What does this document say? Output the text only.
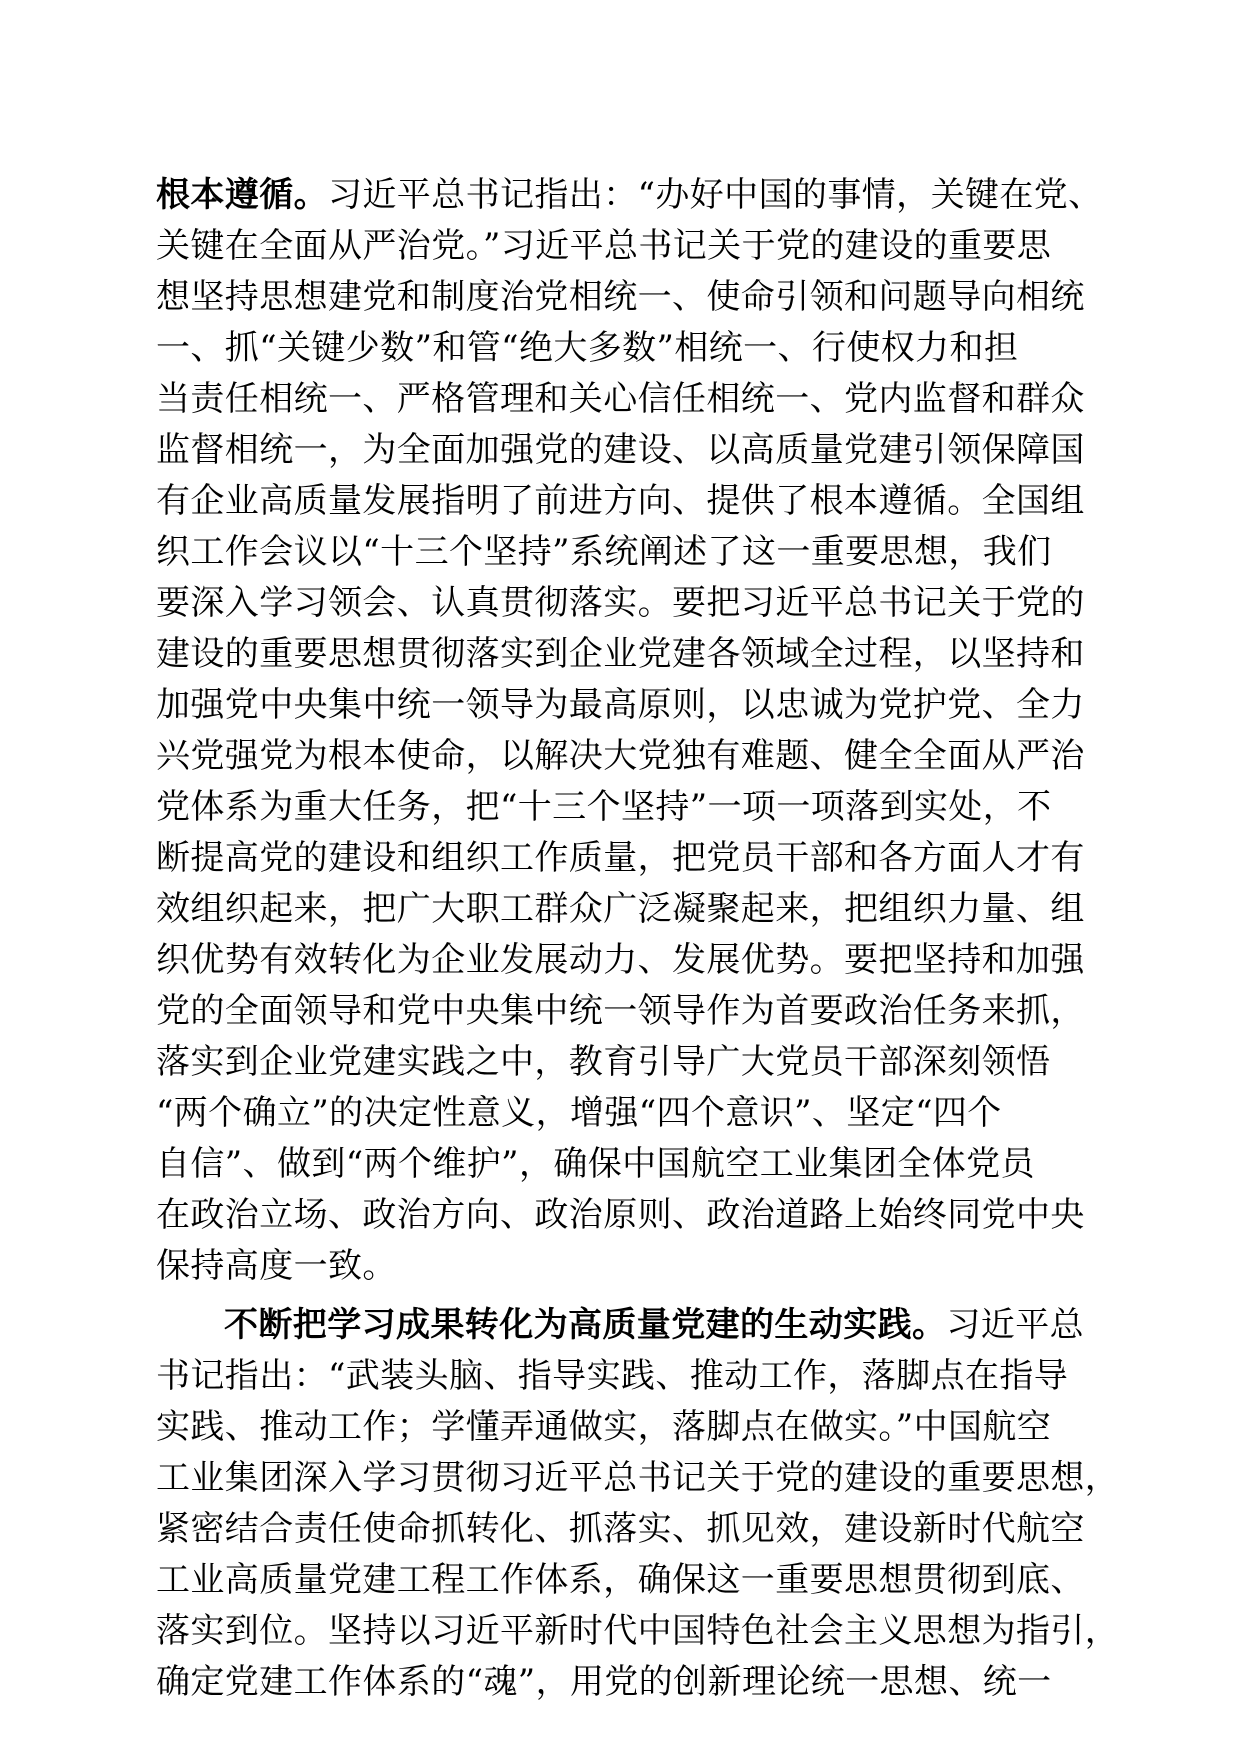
根本遵循。习近平总书记指出：“办好中国的事情，关键在党、
关键在全面从严治党。”习近平总书记关于党的建设的重要思
想坚持思想建党和制度治党相统一、使命引领和问题导向相统
一、抓“关键少数”和管“绝大多数”相统一、行使权力和担
当责任相统一、严格管理和关心信任相统一、党内监督和群众
监督相统一，为全面加强党的建设、以高质量党建引领保障国
有企业高质量发展指明了前进方向、提供了根本遵循。全国组
织工作会议以“十三个坚持”系统阐述了这一重要思想，我们
要深入学习领会、认真贯彻落实。要把习近平总书记关于党的
建设的重要思想贯彻落实到企业党建各领域全过程，以坚持和
加强党中央集中统一领导为最高原则，以忠诚为党护党、全力
兴党强党为根本使命，以解决大党独有难题、健全全面从严治
党体系为重大任务，把“十三个坚持”一项一项落到实处，不
断提高党的建设和组织工作质量，把党员干部和各方面人才有
效组织起来，把广大职工群众广泛凝聚起来，把组织力量、组
织优势有效转化为企业发展动力、发展优势。要把坚持和加强
党的全面领导和党中央集中统一领导作为首要政治任务来抓，
落实到企业党建实践之中，教育引导广大党员干部深刻领悟
“两个确立”的决定性意义，增强“四个意识”、坚定“四个
自信”、做到“两个维护”，确保中国航空工业集团全体党员
在政治立场、政治方向、政治原则、政治道路上始终同党中央
保持高度一致。
不断把学习成果转化为高质量党建的生动实践。习近平总
书记指出：“武装头脑、指导实践、推动工作，落脚点在指导
实践、推动工作；学懂弄通做实，落脚点在做实。”中国航空
工业集团深入学习贯彻习近平总书记关于党的建设的重要思想，
紧密结合责任使命抓转化、抓落实、抓见效，建设新时代航空
工业高质量党建工程工作体系，确保这一重要思想贯彻到底、
落实到位。坚持以习近平新时代中国特色社会主义思想为指引，
确定党建工作体系的“魂”，用党的创新理论统一思想、统一
